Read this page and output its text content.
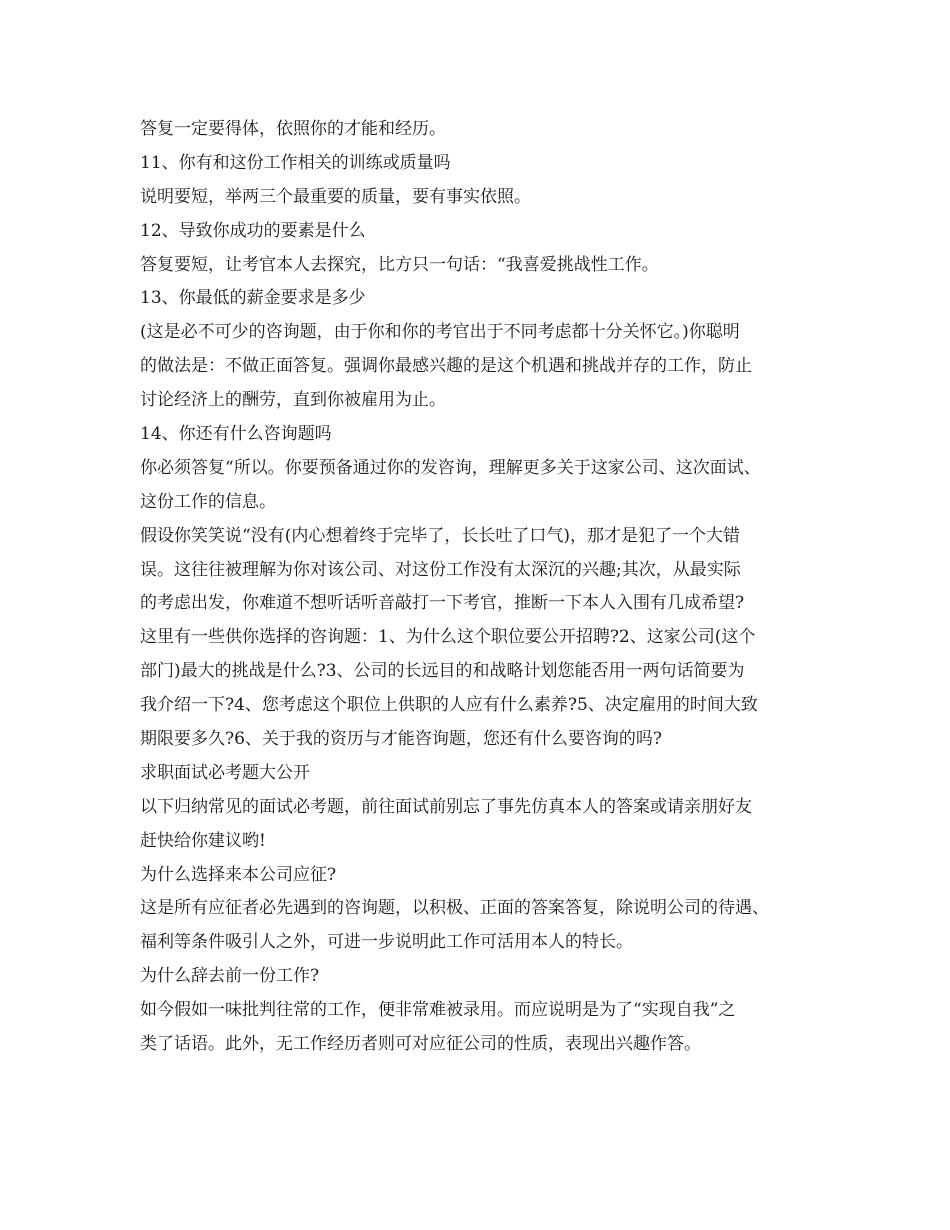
答复一定要得体，依照你的才能和经历。
11、你有和这份工作相关的训练或质量吗
说明要短，举两三个最重要的质量，要有事实依照。
12、导致你成功的要素是什么
答复要短，让考官本人去探究，比方只一句话：“我喜爱挑战性工作。
13、你最低的薪金要求是多少
(这是必不可少的咨询题，由于你和你的考官出于不同考虑都十分关怀它。)你聪明
的做法是：不做正面答复。强调你最感兴趣的是这个机遇和挑战并存的工作，防止
讨论经济上的酬劳，直到你被雇用为止。
14、你还有什么咨询题吗
你必须答复“所以。你要预备通过你的发咨询，理解更多关于这家公司、这次面试、
这份工作的信息。
假设你笑笑说“没有(内心想着终于完毕了，长长吐了口气)，那才是犯了一个大错
误。这往往被理解为你对该公司、对这份工作没有太深沉的兴趣;其次，从最实际
的考虑出发，你难道不想听话听音敲打一下考官，推断一下本人入围有几成希望?
这里有一些供你选择的咨询题：1、为什么这个职位要公开招聘?2、这家公司(这个
部门)最大的挑战是什么?3、公司的长远目的和战略计划您能否用一两句话简要为
我介绍一下?4、您考虑这个职位上供职的人应有什么素养?5、决定雇用的时间大致
期限要多久?6、关于我的资历与才能咨询题，您还有什么要咨询的吗?
求职面试必考题大公开
以下归纳常见的面试必考题，前往面试前别忘了事先仿真本人的答案或请亲朋好友
赶快给你建议哟!
为什么选择来本公司应征?
这是所有应征者必先遇到的咨询题，以积极、正面的答案答复，除说明公司的待遇、
福利等条件吸引人之外，可进一步说明此工作可活用本人的特长。
为什么辞去前一份工作?
如今假如一味批判往常的工作，便非常难被录用。而应说明是为了“实现自我”之
类了话语。此外，无工作经历者则可对应征公司的性质，表现出兴趣作答。
